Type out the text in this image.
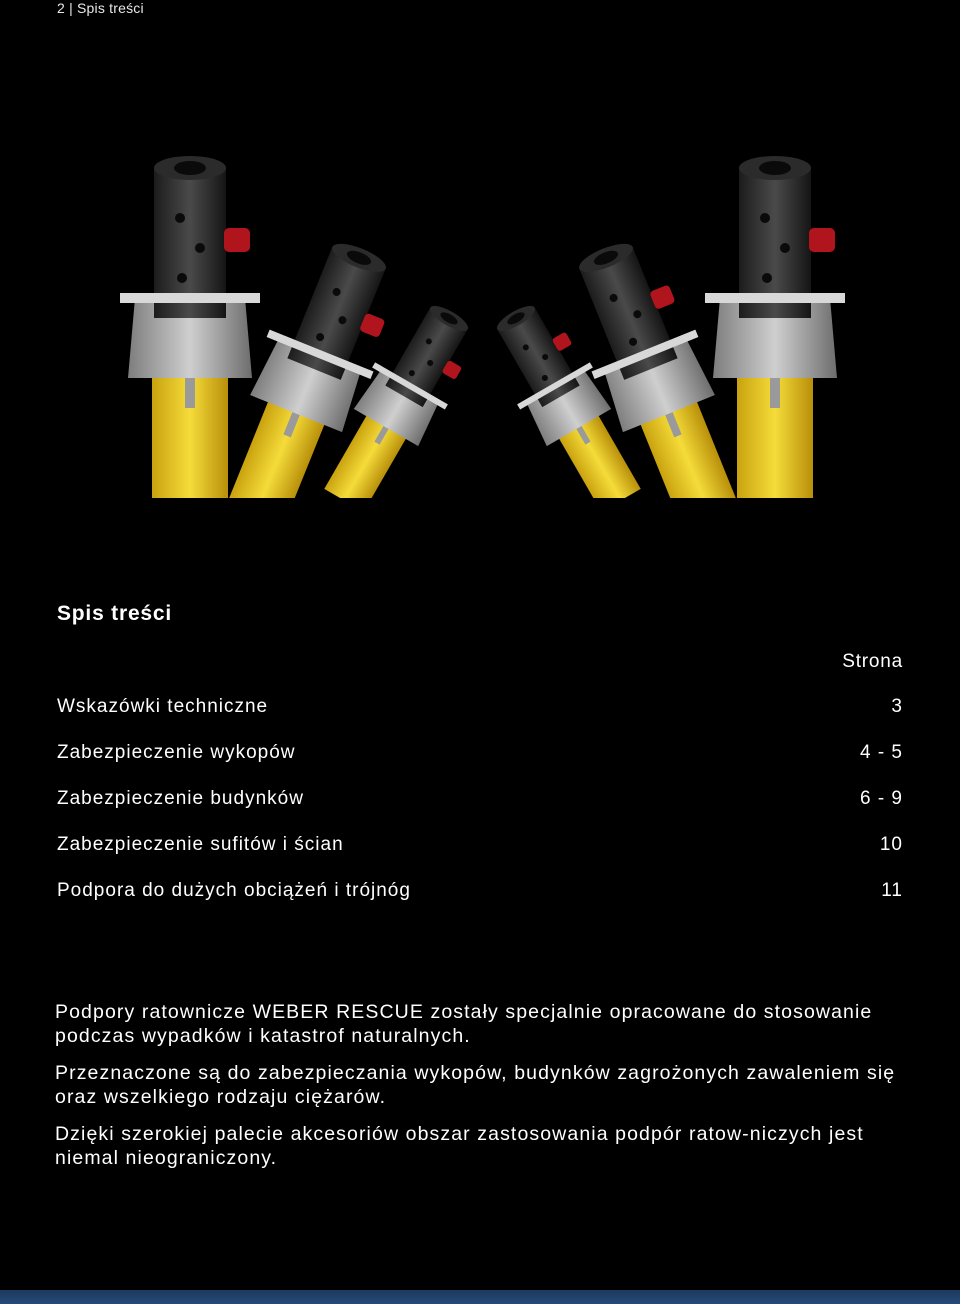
2 | Spis treści
Spis treści
Strona
Wskazówki techniczne	3
Zabezpieczenie wykopów	4 - 5
Zabezpieczenie budynków	6 - 9
Zabezpieczenie sufitów i ścian	10
Podpora do dużych obciążeń i trójnóg	11

Podpory ratownicze WEBER RESCUE zostały specjalnie opracowane do stosowanie podczas wypadków i katastrof naturalnych.

Przeznaczone są do zabezpieczania wykopów, budynków zagrożonych zawaleniem się oraz wszelkiego rodzaju ciężarów.

Dzięki szerokiej palecie akcesoriów obszar zastosowania podpór ratow-niczych jest niemal nieograniczony.
